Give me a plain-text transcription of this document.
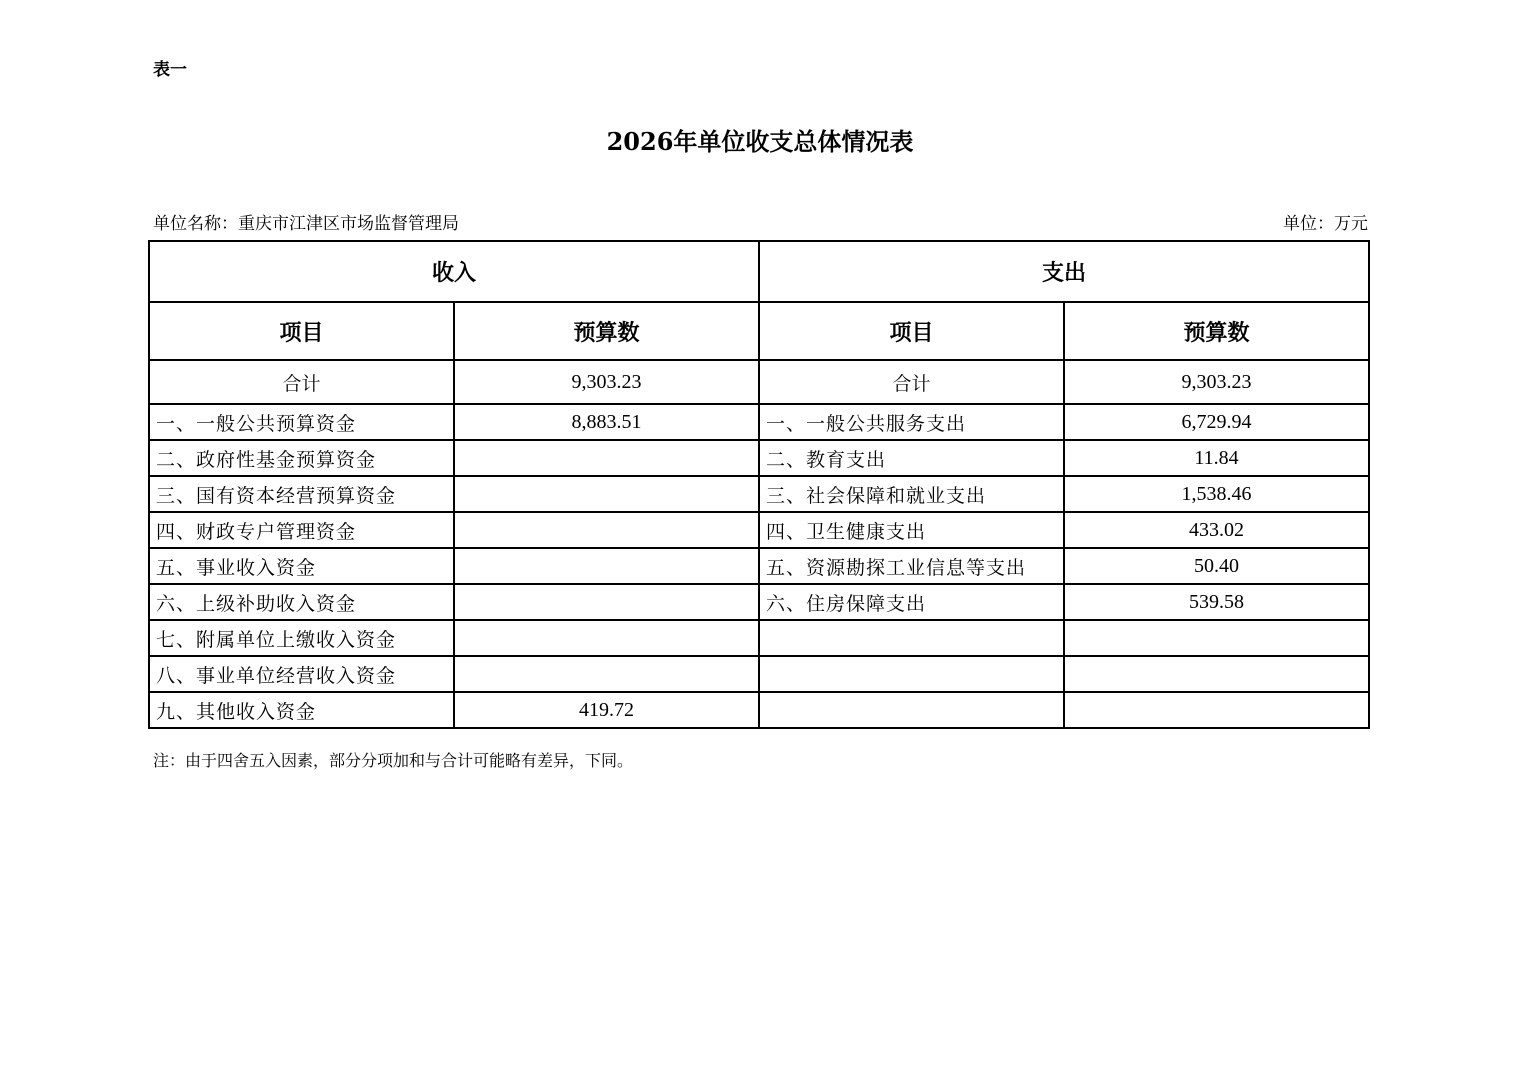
表一
2026年单位收支总体情况表
单位名称：重庆市江津区市场监督管理局	单位：万元
收入		支出	
项目	预算数	项目	预算数
合计	9,303.23	合计	9,303.23
一、一般公共预算资金	8,883.51	一、一般公共服务支出	6,729.94
二、政府性基金预算资金		二、教育支出	11.84
三、国有资本经营预算资金		三、社会保障和就业支出	1,538.46
四、财政专户管理资金		四、卫生健康支出	433.02
五、事业收入资金		五、资源勘探工业信息等支出	50.40
六、上级补助收入资金		六、住房保障支出	539.58
七、附属单位上缴收入资金			
八、事业单位经营收入资金			
九、其他收入资金	419.72		
注：由于四舍五入因素，部分分项加和与合计可能略有差异，下同。
